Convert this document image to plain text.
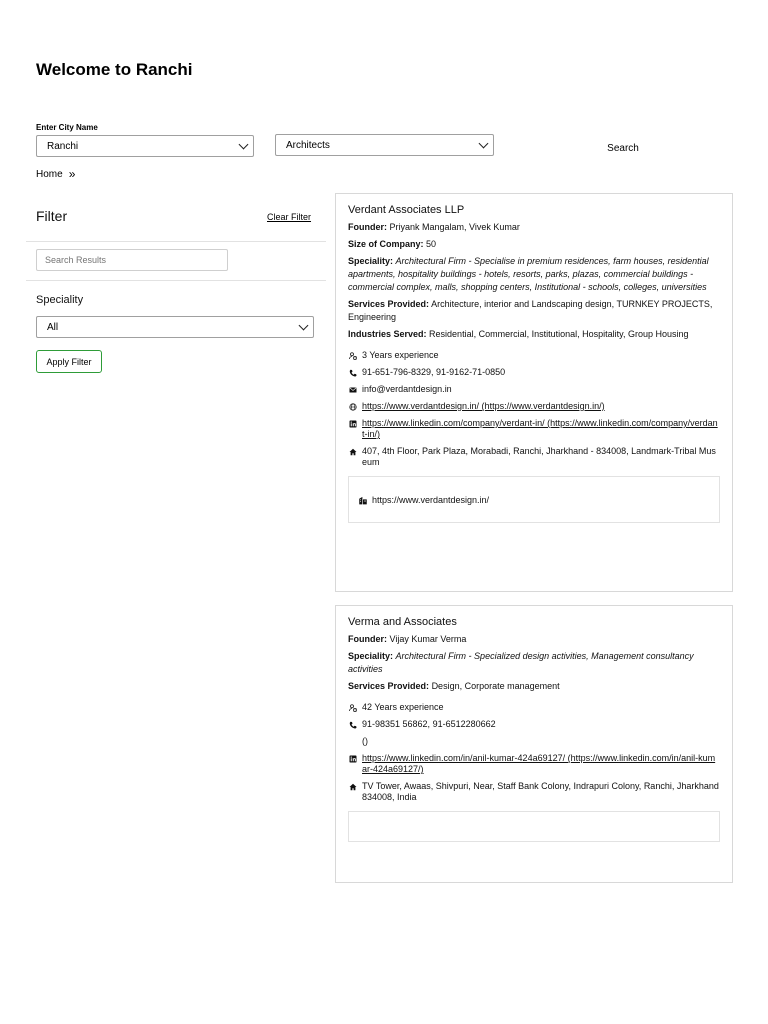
Welcome to Ranchi
Enter City Name
Ranchi	Architects	Search
Home »
Filter	Clear Filter
Search Results
Speciality
All
Apply Filter
Verdant Associates LLP
Founder: Priyank Mangalam, Vivek Kumar
Size of Company: 50
Speciality: Architectural Firm - Specialise in premium residences, farm houses, residential apartments, hospitality buildings - hotels, resorts, parks, plazas, commercial buildings - commercial complex, malls, shopping centers, Institutional - schools, colleges, universities
Services Provided: Architecture, interior and Landscaping design, TURNKEY PROJECTS, Engineering
Industries Served: Residential, Commercial, Institutional, Hospitality, Group Housing
3 Years experience
91-651-796-8329, 91-9162-71-0850
info@verdantdesign.in
https://www.verdantdesign.in/ (https://www.verdantdesign.in/)
https://www.linkedin.com/company/verdant-in/ (https://www.linkedin.com/company/verdant-in/)
407, 4th Floor, Park Plaza, Morabadi, Ranchi, Jharkhand - 834008, Landmark-Tribal Museum
https://www.verdantdesign.in/
Verma and Associates
Founder: Vijay Kumar Verma
Speciality: Architectural Firm - Specialized design activities, Management consultancy activities
Services Provided: Design, Corporate management
42 Years experience
91-98351 56862, 91-6512280662
()
https://www.linkedin.com/in/anil-kumar-424a69127/ (https://www.linkedin.com/in/anil-kumar-424a69127/)
TV Tower, Awaas, Shivpuri, Near, Staff Bank Colony, Indrapuri Colony, Ranchi, Jharkhand 834008, India
